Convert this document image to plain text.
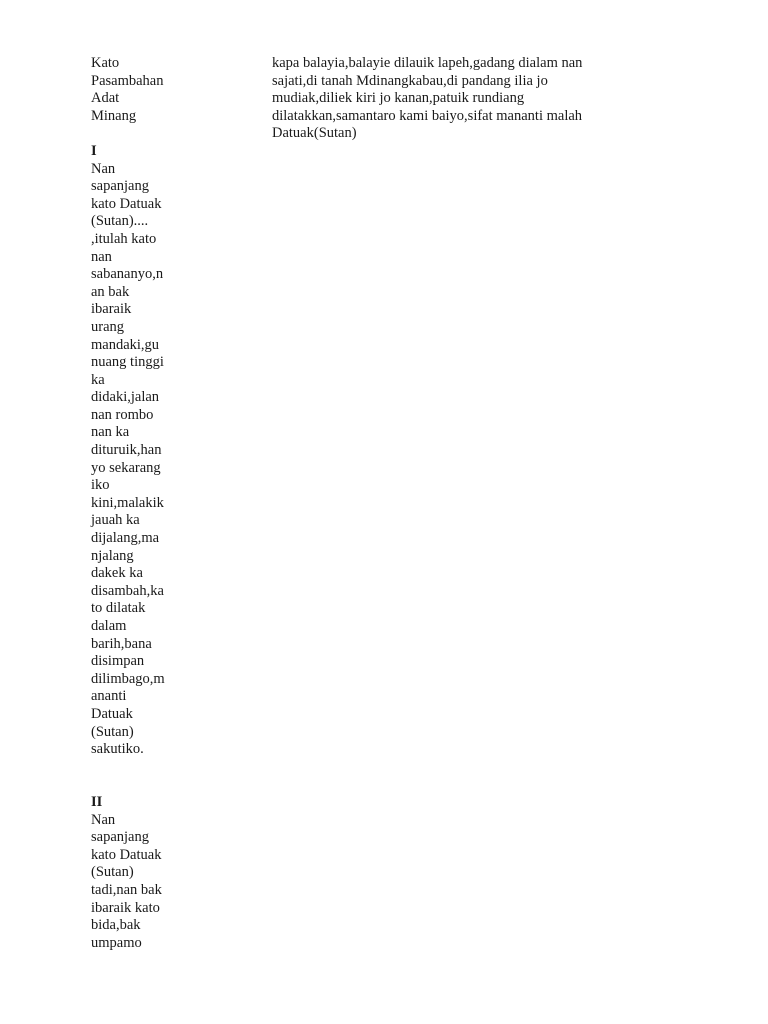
Kato
Pasambahan
Adat
Minang
I
Nan
sapanjang
kato Datuak
(Sutan)....
,itulah kato
nan
sabananyo,n
an bak
ibaraik
urang
mandaki,gu
nuang tinggi
ka
didaki,jalan
nan rombo
nan ka
dituruik,han
yo sekarang
iko
kini,malakik
jauah ka
dijalang,ma
njalang
dakek ka
disambah,ka
to dilatak
dalam
barih,bana
disimpan
dilimbago,m
ananti
Datuak
(Sutan)
sakutiko.
II
Nan
sapanjang
kato Datuak
(Sutan)
tadi,nan bak
ibaraik kato
bida,bak
umpamo
kapa balayia,balayie dilauik lapeh,gadang dialam nan
sajati,di tanah Mdinangkabau,di pandang ilia jo
mudiak,diliek kiri jo kanan,patuik rundiang
dilatakkan,samantaro kami baiyo,sifat mananti malah
Datuak(Sutan)
